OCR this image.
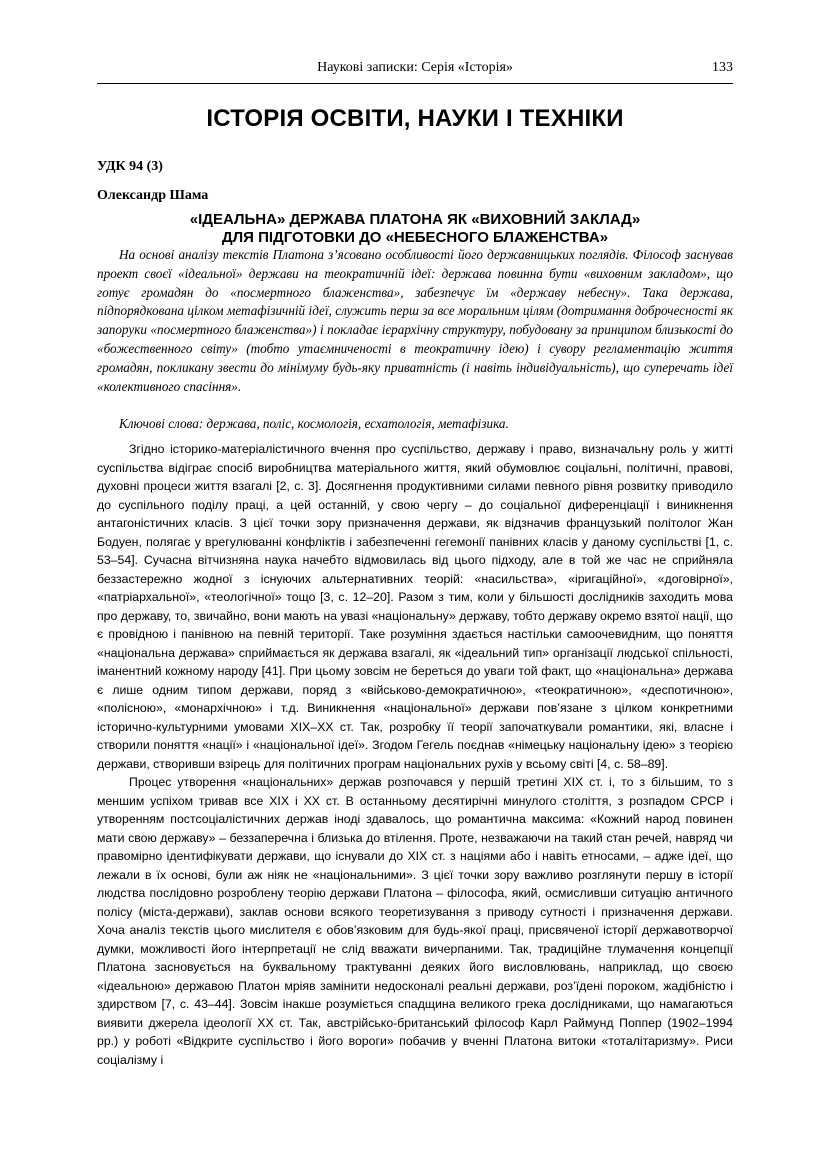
Наукові записки: Серія «Історія»	133
ІСТОРІЯ ОСВІТИ, НАУКИ І ТЕХНІКИ
УДК 94 (3)
Олександр Шама
«ІДЕАЛЬНА» ДЕРЖАВА ПЛАТОНА ЯК «ВИХОВНИЙ ЗАКЛАД»
ДЛЯ ПІДГОТОВКИ ДО «НЕБЕСНОГО БЛАЖЕНСТВА»

На основі аналізу текстів Платона з’ясовано особливості його державницьких поглядів. Філософ заснував проект своєї «ідеальної» держави на теократичній ідеї: держава повинна бути «виховним закладом», що готує громадян до «посмертного блаженства», забезпечує їм «державу небесну». Така держава, підпорядкована цілком метафізичній ідеї, служить перш за все моральним цілям (дотримання доброчесності як запоруки «посмертного блаженства») і покладає ієрархічну структуру, побудовану за принципом близькості до «божественного світу» (тобто утаємниченості в теократичну ідею) і сувору регламентацію життя громадян, покликану звести до мінімуму будь-яку приватність (і навіть індивідуальність), що суперечать ідеї «колективного спасіння».

Ключові слова: держава, поліс, космологія, есхатологія, метафізика.

Згідно історико-матеріалістичного вчення про суспільство, державу і право, визначальну роль у житті суспільства відіграє спосіб виробництва матеріального життя, який обумовлює соціальні, політичні, правові, духовні процеси життя взагалі [2, с. 3]. Досягнення продуктивними силами певного рівня розвитку приводило до суспільного поділу праці, а цей останній, у свою чергу – до соціальної диференціації і виникнення антагоністичних класів. З цієї точки зору призначення держави, як відзначив французький політолог Жан Бодуен, полягає у врегулюванні конфліктів і забезпеченні гегемонії панівних класів у даному суспільстві [1, с. 53–54]. Сучасна вітчизняна наука начебто відмовилась від цього підходу, але в той же час не сприйняла беззастережно жодної з існуючих альтернативних теорій: «насильства», «іригаційної», «договірної», «патріархальної», «теологічної» тощо [3, с. 12–20]. Разом з тим, коли у більшості дослідників заходить мова про державу, то, звичайно, вони мають на увазі «національну» державу, тобто державу окремо взятої нації, що є провідною і панівною на певній території. Таке розуміння здається настільки самоочевидним, що поняття «національна держава» сприймається як держава взагалі, як «ідеальний тип» організації людської спільності, іманентний кожному народу [41]. При цьому зовсім не береться до уваги той факт, що «національна» держава є лише одним типом держави, поряд з «військово-демократичною», «теократичною», «деспотичною», «полісною», «монархічною» і т.д. Виникнення «національної» держави пов’язане з цілком конкретними історично-культурними умовами XIX–XX ст. Так, розробку її теорії започаткували романтики, які, власне і створили поняття «нації» і «національної ідеї». Згодом Гегель поєднав «німецьку національну ідею» з теорією держави, створивши взірець для політичних програм національних рухів у всьому світі [4, с. 58–89].

Процес утворення «національних» держав розпочався у першій третині XIX ст. і, то з більшим, то з меншим успіхом тривав все XIX і XX ст. В останньому десятирічні минулого століття, з розпадом СРСР і утворенням постсоціалістичних держав іноді здавалось, що романтична максима: «Кожний народ повинен мати свою державу» – беззаперечна і близька до втілення. Проте, незважаючи на такий стан речей, навряд чи правомірно ідентифікувати держави, що існували до XIX ст. з націями або і навіть етносами, – адже ідеї, що лежали в їх основі, були аж ніяк не «національними». З цієї точки зору важливо розглянути першу в історії людства послідовно розроблену теорію держави Платона – філософа, який, осмисливши ситуацію античного полісу (міста-держави), заклав основи всякого теоретизування з приводу сутності і призначення держави. Хоча аналіз текстів цього мислителя є обов’язковим для будь-якої праці, присвяченої історії державотворчої думки, можливості його інтерпретації не слід вважати вичерпаними. Так, традиційне тлумачення концепції Платона засновується на буквальному трактуванні деяких його висловлювань, наприклад, що своєю «ідеальною» державою Платон мріяв замінити недосконалі реальні держави, роз’їдені пороком, жадібністю і здирством [7, с. 43–44]. Зовсім інакше розуміється спадщина великого грека дослідниками, що намагаються виявити джерела ідеології XX ст. Так, австрійсько-британський філософ Карл Раймунд Поппер (1902–1994 рр.) у роботі «Відкрите суспільство і його вороги» побачив у вченні Платона витоки «тоталітаризму». Риси соціалізму і
